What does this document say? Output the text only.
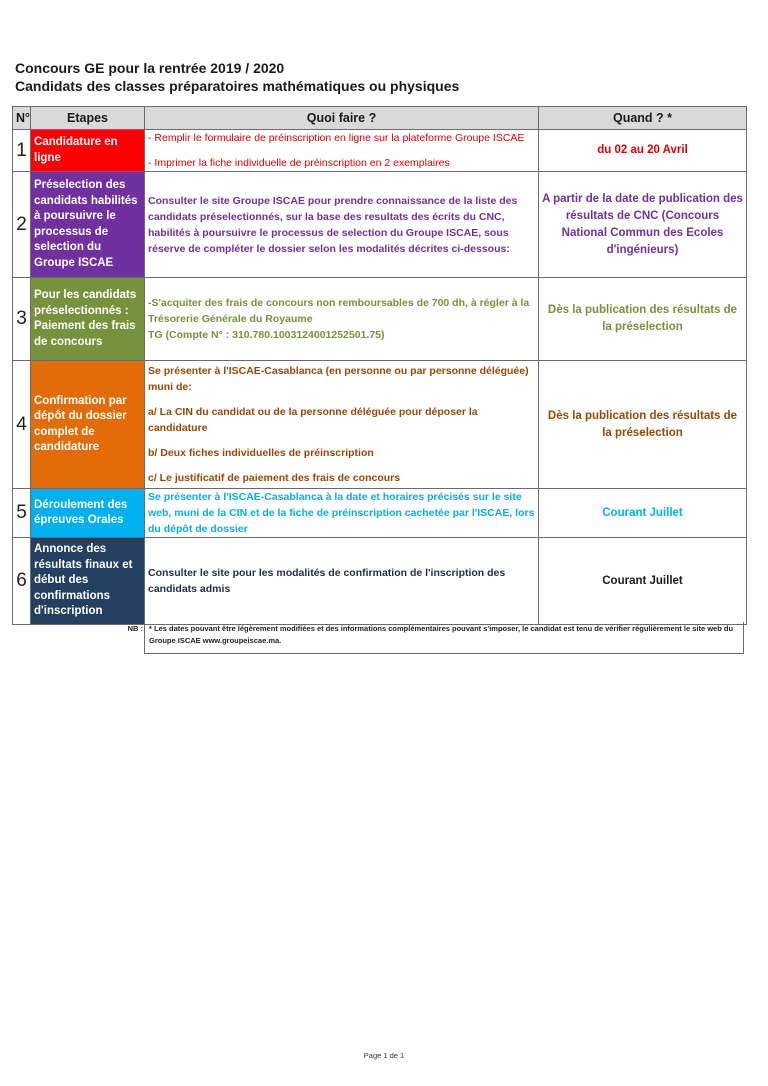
Concours GE pour la rentrée 2019 / 2020
Candidats des classes préparatoires mathématiques ou physiques
N°	Etapes	Quoi faire ?	Quand ? *
1	Candidature en ligne	- Remplir le formulaire de préinscription en ligne sur la plateforme Groupe ISCAE

- Imprimer la fiche individuelle de préinscription en 2 exemplaires	du 02 au 20 Avril
2	Préselection des candidats habilités à poursuivre le processus de selection du Groupe ISCAE	Consulter le site Groupe ISCAE pour prendre connaissance de la liste des candidats préselectionnés, sur la base des resultats des écrits du CNC, habilités à poursuivre le processus de selection du Groupe ISCAE, sous réserve de compléter le dossier selon les modalités décrites ci-dessous:	A partir de la date de publication des résultats de CNC (Concours National Commun des Ecoles d'ingénieurs)
3	Pour les candidats préselectionnés : Paiement des frais de concours	-S'acquiter des frais de concours non remboursables de 700 dh, à régler à la Trésorerie Générale du Royaume

TG (Compte N° : 310.780.1003124001252501.75)	Dès la publication des résultats de la préselection
4	Confirmation par dépôt du dossier complet de candidature	Se présenter à l'ISCAE-Casablanca (en personne ou par personne déléguée) muni de:

a/ La CIN du candidat ou de la personne déléguée pour déposer la candidature

b/ Deux fiches individuelles de préinscription

c/ Le justificatif de paiement des frais de concours	Dès la publication des résultats de la préselection
5	Déroulement des épreuves Orales	Se présenter à l'ISCAE-Casablanca à la date et horaires précisés sur le site web, muni de la CIN et de la fiche de préinscription cachetée par l'ISCAE, lors du dépôt de dossier	Courant Juillet
6	Annonce des résultats finaux et début des confirmations d'inscription	Consulter le site pour les modalités de confirmation de l'inscription des candidats admis	Courant Juillet
NB : * Les dates pouvant être légèrement modifiées et des informations complémentaires pouvant s'imposer, le candidat est tenu de vérifier régulièrement le site web du Groupe ISCAE www.groupeiscae.ma.
Page 1 de 1
